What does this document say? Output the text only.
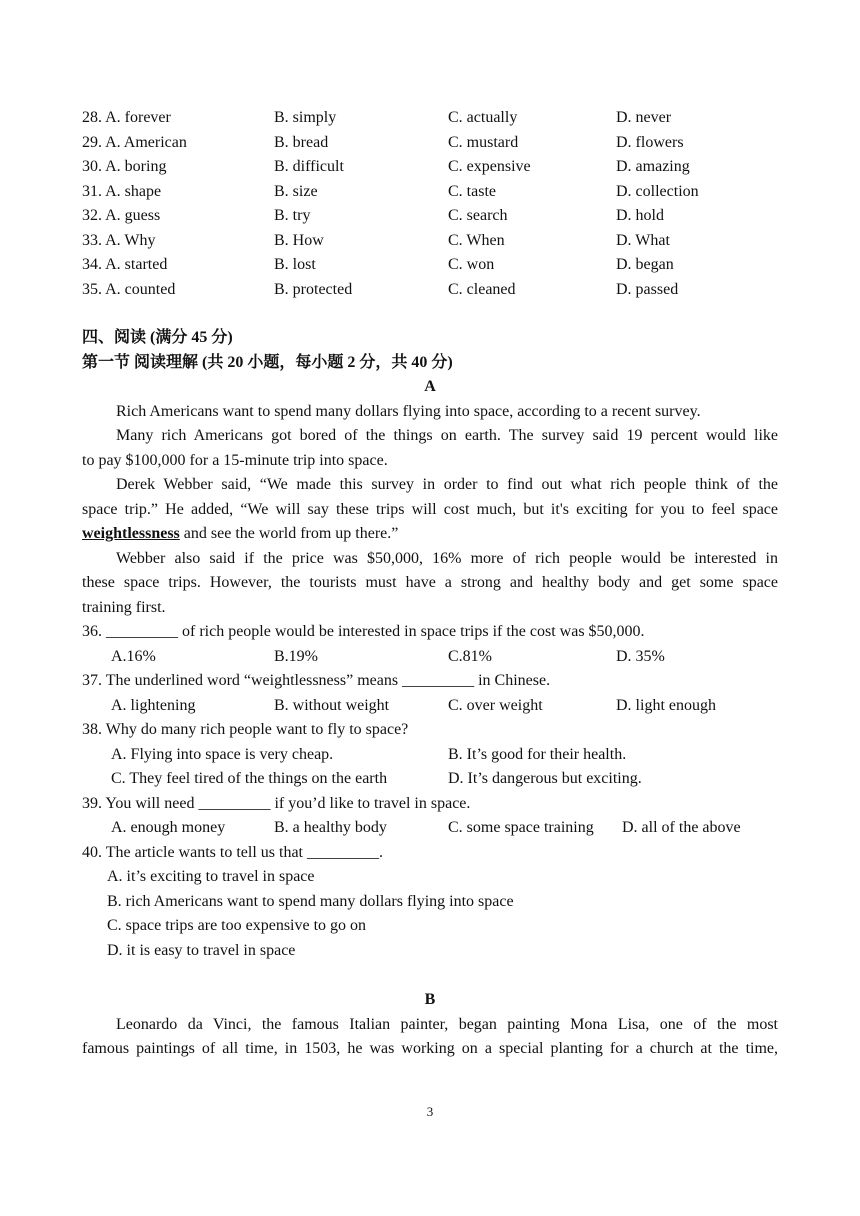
28. A. forever	B. simply	C. actually	D. never
29. A. American	B. bread	C. mustard	D. flowers
30. A. boring	B. difficult	C. expensive	D. amazing
31. A. shape	B. size	C. taste	D. collection
32. A. guess	B. try	C. search	D. hold
33. A. Why	B. How	C. When	D. What
34. A. started	B. lost	C. won	D. began
35. A. counted	B. protected	C. cleaned	D. passed
四、阅读 (满分 45 分)
第一节 阅读理解 (共 20 小题，每小题 2 分，共 40 分)
A
Rich Americans want to spend many dollars flying into space, according to a recent survey.
Many rich Americans got bored of the things on earth. The survey said 19 percent would like
to pay $100,000 for a 15-minute trip into space.
Derek Webber said, “We made this survey in order to find out what rich people think of the
space trip.” He added, “We will say these trips will cost much, but it's exciting for you to feel space
weightlessness and see the world from up there.”
Webber also said if the price was $50,000, 16% more of rich people would be interested in
these space trips. However, the tourists must have a strong and healthy body and get some space
training first.
36. _________ of rich people would be interested in space trips if the cost was $50,000.
A.16%	B.19%	C.81%	D. 35%
37. The underlined word “weightlessness” means _________ in Chinese.
A. lightening	B. without weight	C. over weight	D. light enough
38. Why do many rich people want to fly to space?
A. Flying into space is very cheap.	B. It’s good for their health.
C. They feel tired of the things on the earth	D. It’s dangerous but exciting.
39. You will need _________ if you’d like to travel in space.
A. enough money	B. a healthy body	C. some space training D. all of the above
40. The article wants to tell us that _________.
A. it’s exciting to travel in space
B. rich Americans want to spend many dollars flying into space
C. space trips are too expensive to go on
D. it is easy to travel in space
B
Leonardo da Vinci, the famous Italian painter, began painting Mona Lisa, one of the most
famous paintings of all time, in 1503, he was working on a special planting for a church at the time,
3
